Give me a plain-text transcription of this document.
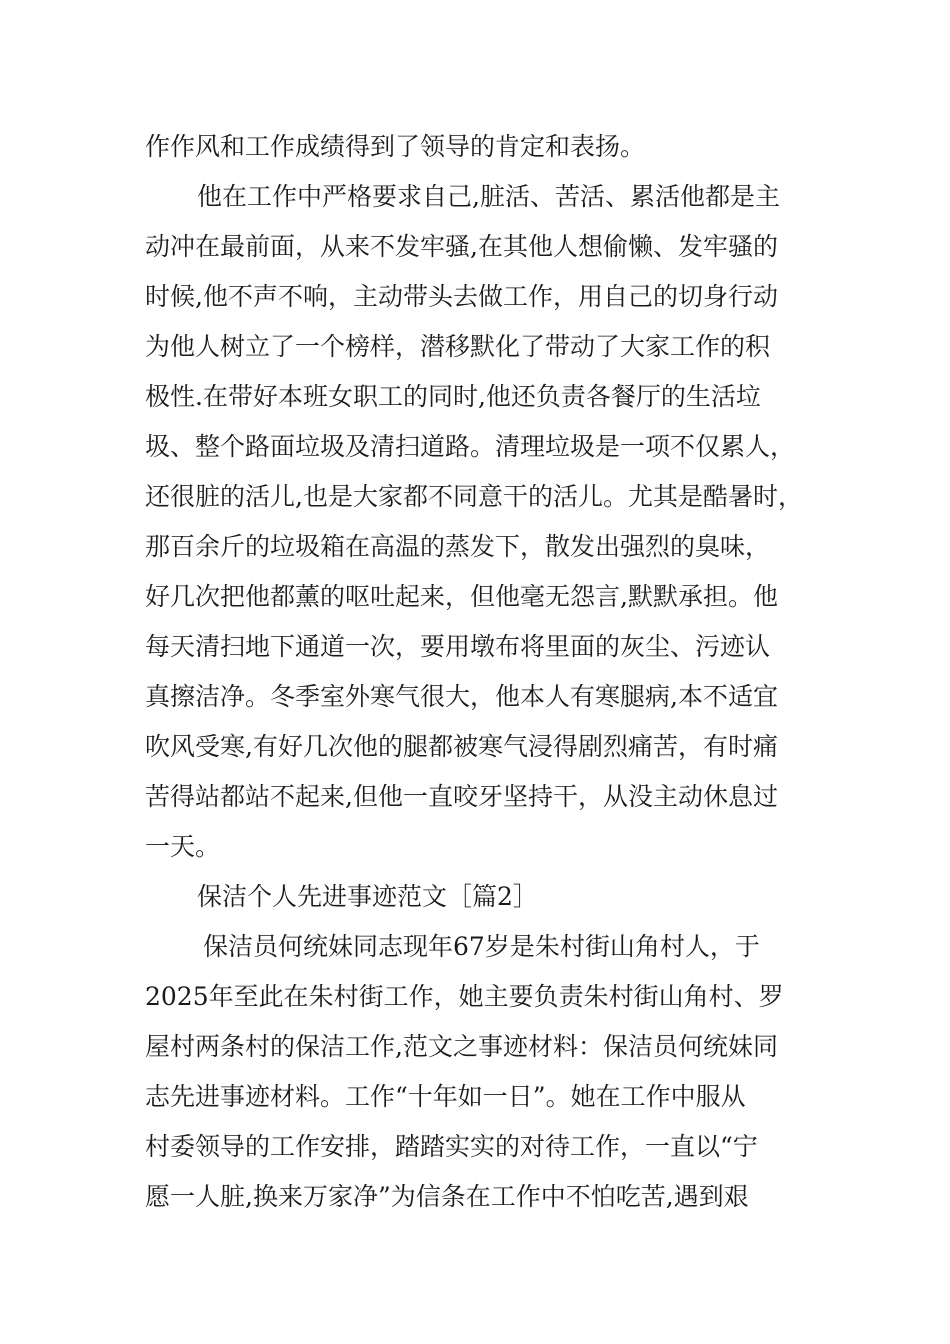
作作风和工作成绩得到了领导的肯定和表扬。
他在工作中严格要求自己,脏活、苦活、累活他都是主
动冲在最前面，从来不发牢骚,在其他人想偷懒、发牢骚的
时候,他不声不响，主动带头去做工作，用自己的切身行动
为他人树立了一个榜样，潜移默化了带动了大家工作的积
极性.在带好本班女职工的同时,他还负责各餐厅的生活垃
圾、整个路面垃圾及清扫道路。清理垃圾是一项不仅累人，
还很脏的活儿,也是大家都不同意干的活儿。尤其是酷暑时，
那百余斤的垃圾箱在高温的蒸发下，散发出强烈的臭味，
好几次把他都薰的呕吐起来，但他毫无怨言,默默承担。他
每天清扫地下通道一次，要用墩布将里面的灰尘、污迹认
真擦洁净。冬季室外寒气很大，他本人有寒腿病,本不适宜
吹风受寒,有好几次他的腿都被寒气浸得剧烈痛苦，有时痛
苦得站都站不起来,但他一直咬牙坚持干，从没主动休息过
一天。
保洁个人先进事迹范文［篇2］
保洁员何统妹同志现年67岁是朱村街山角村人，于
2025年至此在朱村街工作，她主要负责朱村街山角村、罗
屋村两条村的保洁工作,范文之事迹材料：保洁员何统妹同
志先进事迹材料。工作“十年如一日”。她在工作中服从
村委领导的工作安排，踏踏实实的对待工作，一直以“宁
愿一人脏,换来万家净”为信条在工作中不怕吃苦,遇到艰
